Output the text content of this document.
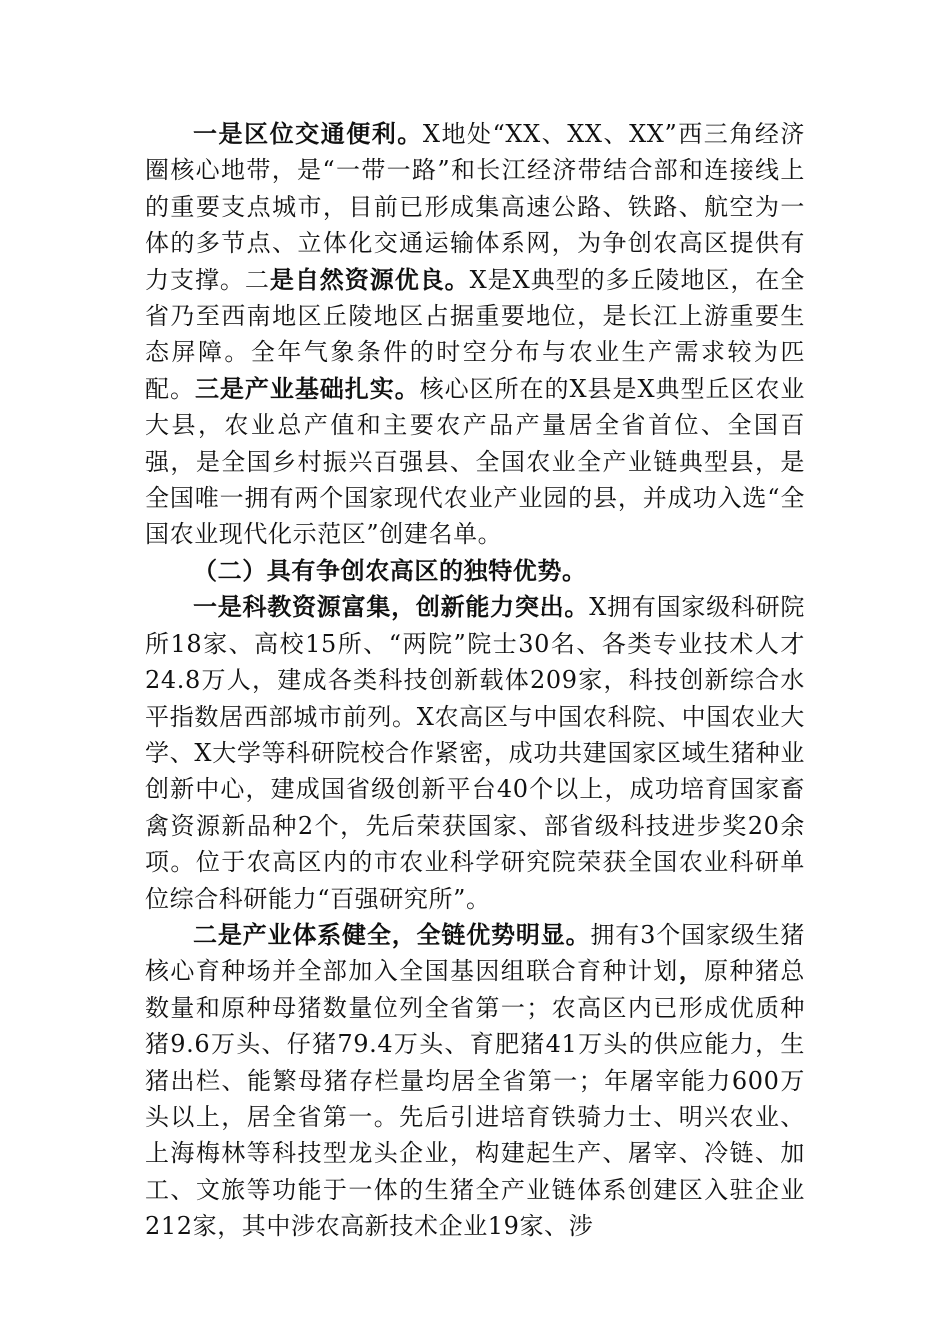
一是区位交通便利。X地处“XX、XX、XX”西三角经济圈核心地带，是“一带一路”和长江经济带结合部和连接线上的重要支点城市，目前已形成集高速公路、铁路、航空为一体的多节点、立体化交通运输体系网，为争创农高区提供有力支撑。二是自然资源优良。X是X典型的多丘陵地区，在全省乃至西南地区丘陵地区占据重要地位，是长江上游重要生态屏障。全年气象条件的时空分布与农业生产需求较为匹配。三是产业基础扎实。核心区所在的X县是X典型丘区农业大县，农业总产值和主要农产品产量居全省首位、全国百强，是全国乡村振兴百强县、全国农业全产业链典型县，是全国唯一拥有两个国家现代农业产业园的县，并成功入选“全国农业现代化示范区”创建名单。

（二）具有争创农高区的独特优势。

一是科教资源富集，创新能力突出。X拥有国家级科研院所18家、高校15所、“两院”院士30名、各类专业技术人才24.8万人，建成各类科技创新载体209家，科技创新综合水平指数居西部城市前列。X农高区与中国农科院、中国农业大学、X大学等科研院校合作紧密，成功共建国家区域生猪种业创新中心，建成国省级创新平台40个以上，成功培育国家畜禽资源新品种2个，先后荣获国家、部省级科技进步奖20余项。位于农高区内的市农业科学研究院荣获全国农业科研单位综合科研能力“百强研究所”。

二是产业体系健全，全链优势明显。拥有3个国家级生猪核心育种场并全部加入全国基因组联合育种计划，原种猪总数量和原种母猪数量位列全省第一；农高区内已形成优质种猪9.6万头、仔猪79.4万头、育肥猪41万头的供应能力，生猪出栏、能繁母猪存栏量均居全省第一；年屠宰能力600万头以上，居全省第一。先后引进培育铁骑力士、明兴农业、上海梅林等科技型龙头企业，构建起生产、屠宰、冷链、加工、文旅等功能于一体的生猪全产业链体系创建区入驻企业212家，其中涉农高新技术企业19家、涉
